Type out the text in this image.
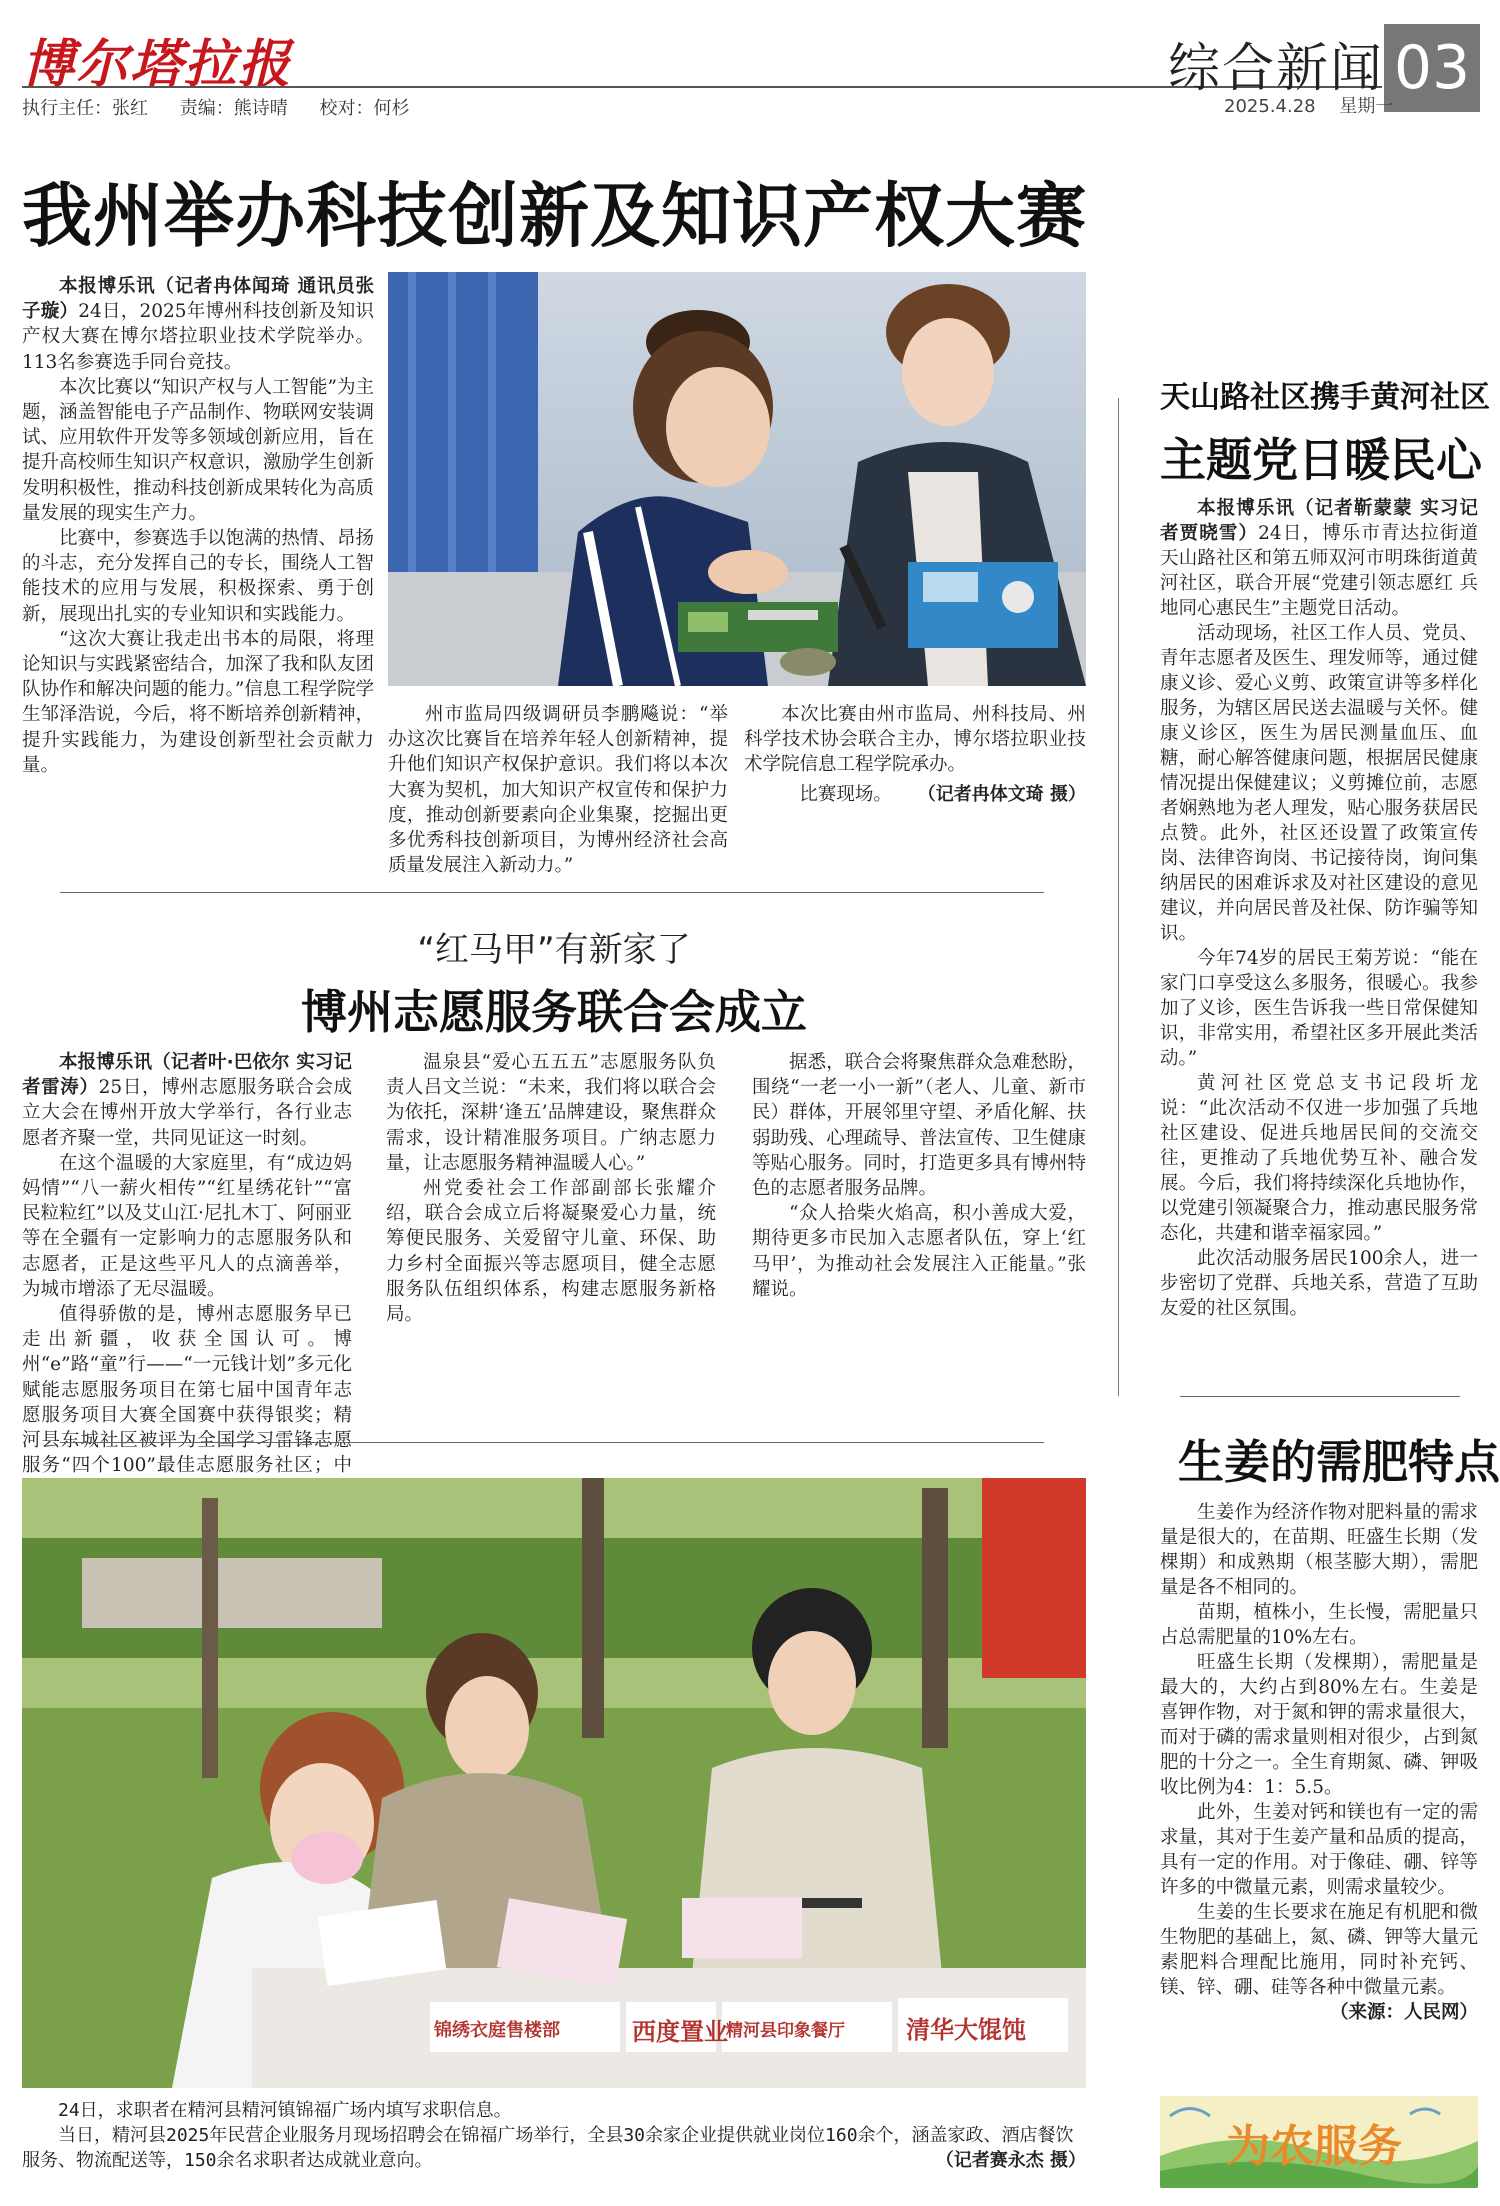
博尔塔拉报
执行主任：张红 责编：熊诗晴 校对：何杉
综合新闻 03
2025.4.28 星期一
我州举办科技创新及知识产权大赛

本报博乐讯（记者冉体闻琦 通讯员张子璇）24日，2025年博州科技创新及知识产权大赛在博尔塔拉职业技术学院举办。113名参赛选手同台竞技。

本次比赛以“知识产权与人工智能”为主题，涵盖智能电子产品制作、物联网安装调试、应用软件开发等多领域创新应用，旨在提升高校师生知识产权意识，激励学生创新发明积极性，推动科技创新成果转化为高质量发展的现实生产力。

比赛中，参赛选手以饱满的热情、昂扬的斗志，充分发挥自己的专长，围绕人工智能技术的应用与发展，积极探索、勇于创新，展现出扎实的专业知识和实践能力。

“这次大赛让我走出书本的局限，将理论知识与实践紧密结合，加深了我和队友团队协作和解决问题的能力。”信息工程学院学生邹泽浩说，今后，将不断培养创新精神，提升实践能力，为建设创新型社会贡献力量。

州市监局四级调研员李鹏飚说：“举办这次比赛旨在培养年轻人创新精神，提升他们知识产权保护意识。我们将以本次大赛为契机，加大知识产权宣传和保护力度，推动创新要素向企业集聚，挖掘出更多优秀科技创新项目，为博州经济社会高质量发展注入新动力。”

本次比赛由州市监局、州科技局、州科学技术协会联合主办，博尔塔拉职业技术学院信息工程学院承办。

比赛现场。 （记者冉体文琦 摄）
“红马甲”有新家了
博州志愿服务联合会成立

本报博乐讯（记者叶·巴依尔 实习记者雷涛）25日，博州志愿服务联合会成立大会在博州开放大学举行，各行业志愿者齐聚一堂，共同见证这一时刻。

在这个温暖的大家庭里，有“成边妈妈情”“八一薪火相传”“红星绣花针”“富民粒粒红”以及艾山江·尼扎木丁、阿丽亚等在全疆有一定影响力的志愿服务队和志愿者，正是这些平凡人的点滴善举，为城市增添了无尽温暖。

值得骄傲的是，博州志愿服务早已走出新疆，收获全国认可。博州“e”路“童”行——“一元钱计划”多元化赋能志愿服务项目在第七届中国青年志愿服务项目大赛全国赛中获得银奖；精河县东城社区被评为全国学习雷锋志愿服务“四个100”最佳志愿服务社区；中

温泉县“爱心五五五”志愿服务队负责人吕文兰说：“未来，我们将以联合会为依托，深耕‘逢五’品牌建设，聚焦群众需求，设计精准服务项目。广纳志愿力量，让志愿服务精神温暖人心。”

州党委社会工作部副部长张耀介绍，联合会成立后将凝聚爱心力量，统筹便民服务、关爱留守儿童、环保、助力乡村全面振兴等志愿项目，健全志愿服务队伍组织体系，构建志愿服务新格局。

据悉，联合会将聚焦群众急难愁盼，围绕“一老一小一新”（老人、儿童、新市民）群体，开展邻里守望、矛盾化解、扶弱助残、心理疏导、普法宣传、卫生健康等贴心服务。同时，打造更多具有博州特色的志愿者服务品牌。

“众人拾柴火焰高，积小善成大爱，期待更多市民加入志愿者队伍，穿上‘红马甲’，为推动社会发展注入正能量。”张耀说。

锦绣衣庭售楼部	西度置业
精河县印象餐厅	清华大馄饨
24日，求职者在精河县精河镇锦福广场内填写求职信息。
当日，精河县2025年民营企业服务月现场招聘会在锦福广场举行，全县30余家企业提供就业岗位160余个，涵盖家政、酒店餐饮服务、物流配送等，150余名求职者达成就业意向。	（记者赛永杰 摄）
天山路社区携手黄河社区
主题党日暖民心

本报博乐讯（记者靳蒙蒙 实习记者贾晓雪）24日，博乐市青达拉街道天山路社区和第五师双河市明珠街道黄河社区，联合开展“党建引领志愿红 兵地同心惠民生”主题党日活动。

活动现场，社区工作人员、党员、青年志愿者及医生、理发师等，通过健康义诊、爱心义剪、政策宣讲等多样化服务，为辖区居民送去温暖与关怀。健康义诊区，医生为居民测量血压、血糖，耐心解答健康问题，根据居民健康情况提出保健建议；义剪摊位前，志愿者娴熟地为老人理发，贴心服务获居民点赞。此外，社区还设置了政策宣传岗、法律咨询岗、书记接待岗，询问集纳居民的困难诉求及对社区建设的意见建议，并向居民普及社保、防诈骗等知识。

今年74岁的居民王菊芳说：“能在家门口享受这么多服务，很暖心。我参加了义诊，医生告诉我一些日常保健知识，非常实用，希望社区多开展此类活动。”

黄河社区党总支书记段圻龙说：“此次活动不仅进一步加强了兵地社区建设、促进兵地居民间的交流交往，更推动了兵地优势互补、融合发展。今后，我们将持续深化兵地协作，以党建引领凝聚合力，推动惠民服务常态化，共建和谐幸福家园。”

此次活动服务居民100余人，进一步密切了党群、兵地关系，营造了互助友爱的社区氛围。

生姜的需肥特点

生姜作为经济作物对肥料量的需求量是很大的，在苗期、旺盛生长期（发棵期）和成熟期（根茎膨大期），需肥量是各不相同的。

苗期，植株小，生长慢，需肥量只占总需肥量的10%左右。

旺盛生长期（发棵期），需肥量是最大的，大约占到80%左右。生姜是喜钾作物，对于氮和钾的需求量很大，而对于磷的需求量则相对很少，占到氮肥的十分之一。全生育期氮、磷、钾吸收比例为4：1：5.5。

此外，生姜对钙和镁也有一定的需求量，其对于生姜产量和品质的提高，具有一定的作用。对于像硅、硼、锌等许多的中微量元素，则需求量较少。

生姜的生长要求在施足有机肥和微生物肥的基础上，氮、磷、钾等大量元素肥料合理配比施用，同时补充钙、镁、锌、硼、硅等各种中微量元素。

（来源：人民网）
为农服务
